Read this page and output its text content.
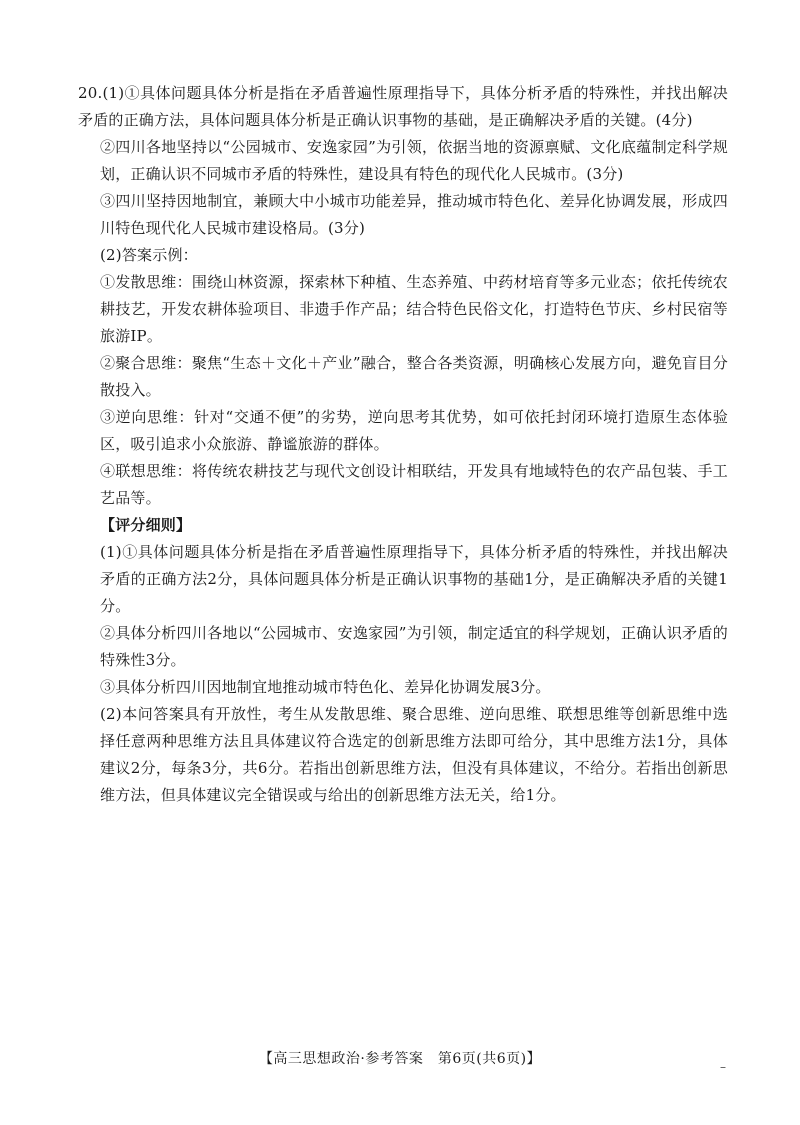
20.(1)①具体问题具体分析是指在矛盾普遍性原理指导下，具体分析矛盾的特殊性，并找出解决矛盾的正确方法，具体问题具体分析是正确认识事物的基础，是正确解决矛盾的关键。(4分)

②四川各地坚持以“公园城市、安逸家园”为引领，依据当地的资源禀赋、文化底蕴制定科学规划，正确认识不同城市矛盾的特殊性，建设具有特色的现代化人民城市。(3分)

③四川坚持因地制宜，兼顾大中小城市功能差异，推动城市特色化、差异化协调发展，形成四川特色现代化人民城市建设格局。(3分)

(2)答案示例：

①发散思维：围绕山林资源，探索林下种植、生态养殖、中药材培育等多元业态；依托传统农耕技艺，开发农耕体验项目、非遗手作产品；结合特色民俗文化，打造特色节庆、乡村民宿等旅游IP。

②聚合思维：聚焦“生态＋文化＋产业”融合，整合各类资源，明确核心发展方向，避免盲目分散投入。

③逆向思维：针对“交通不便”的劣势，逆向思考其优势，如可依托封闭环境打造原生态体验区，吸引追求小众旅游、静谧旅游的群体。

④联想思维：将传统农耕技艺与现代文创设计相联结，开发具有地域特色的农产品包装、手工艺品等。

【评分细则】

(1)①具体问题具体分析是指在矛盾普遍性原理指导下，具体分析矛盾的特殊性，并找出解决矛盾的正确方法2分，具体问题具体分析是正确认识事物的基础1分，是正确解决矛盾的关键1分。

②具体分析四川各地以“公园城市、安逸家园”为引领，制定适宜的科学规划，正确认识矛盾的特殊性3分。

③具体分析四川因地制宜地推动城市特色化、差异化协调发展3分。

(2)本问答案具有开放性，考生从发散思维、聚合思维、逆向思维、联想思维等创新思维中选择任意两种思维方法且具体建议符合选定的创新思维方法即可给分，其中思维方法1分，具体建议2分，每条3分，共6分。若指出创新思维方法，但没有具体建议，不给分。若指出创新思维方法，但具体建议完全错误或与给出的创新思维方法无关，给1分。

【高三思想政治·参考答案　第6页(共6页)】	–
